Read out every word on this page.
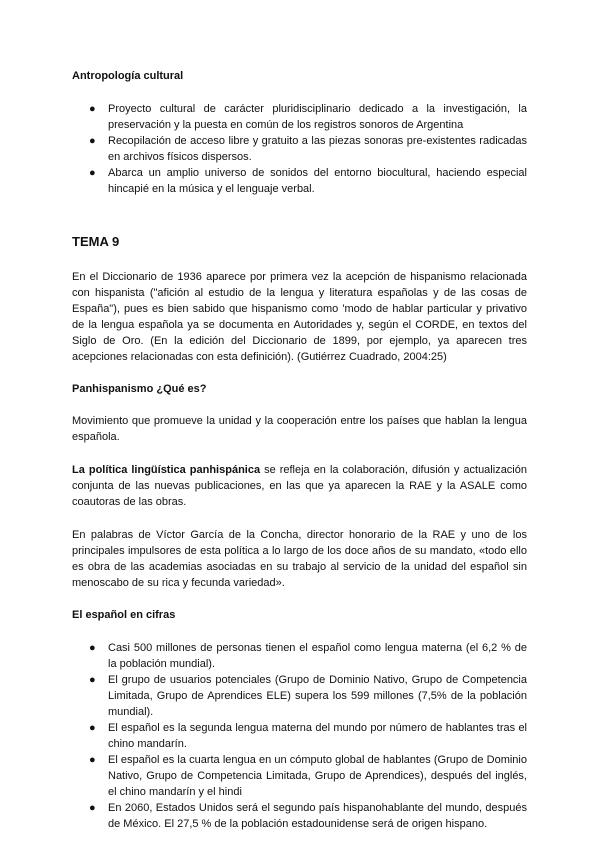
Antropología cultural
● Proyecto cultural de carácter pluridisciplinario dedicado a la investigación, la preservación y la puesta en común de los registros sonoros de Argentina
● Recopilación de acceso libre y gratuito a las piezas sonoras pre-existentes radicadas en archivos físicos dispersos.
● Abarca un amplio universo de sonidos del entorno biocultural, haciendo especial hincapié en la música y el lenguaje verbal.
TEMA 9

En el Diccionario de 1936 aparece por primera vez la acepción de hispanismo relacionada con hispanista ("afición al estudio de la lengua y literatura españolas y de las cosas de España"), pues es bien sabido que hispanismo como 'modo de hablar particular y privativo de la lengua española ya se documenta en Autoridades y, según el CORDE, en textos del Siglo de Oro. (En la edición del Diccionario de 1899, por ejemplo, ya aparecen tres acepciones relacionadas con esta definición). (Gutiérrez Cuadrado, 2004:25)

Panhispanismo ¿Qué es?

Movimiento que promueve la unidad y la cooperación entre los países que hablan la lengua española.

La política lingüística panhispánica se refleja en la colaboración, difusión y actualización conjunta de las nuevas publicaciones, en las que ya aparecen la RAE y la ASALE como coautoras de las obras.

En palabras de Víctor García de la Concha, director honorario de la RAE y uno de los principales impulsores de esta política a lo largo de los doce años de su mandato, «todo ello es obra de las academias asociadas en su trabajo al servicio de la unidad del español sin menoscabo de su rica y fecunda variedad».

El español en cifras
● Casi 500 millones de personas tienen el español como lengua materna (el 6,2 % de la población mundial).
● El grupo de usuarios potenciales (Grupo de Dominio Nativo, Grupo de Competencia Limitada, Grupo de Aprendices ELE) supera los 599 millones (7,5% de la población mundial).
● El español es la segunda lengua materna del mundo por número de hablantes tras el chino mandarín.
● El español es la cuarta lengua en un cómputo global de hablantes (Grupo de Dominio Nativo, Grupo de Competencia Limitada, Grupo de Aprendices), después del inglés, el chino mandarín y el hindi
● En 2060, Estados Unidos será el segundo país hispanohablante del mundo, después de México. El 27,5 % de la población estadounidense será de origen hispano.
